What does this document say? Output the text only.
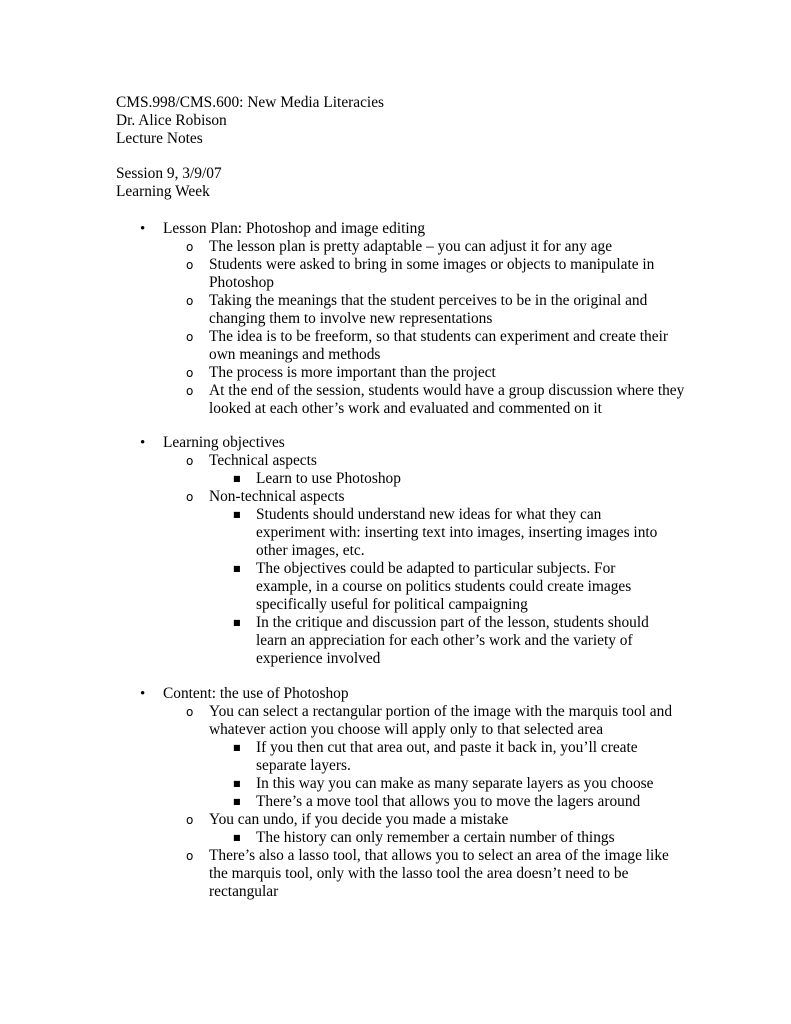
CMS.998/CMS.600: New Media Literacies
Dr. Alice Robison
Lecture Notes
Session 9, 3/9/07
Learning Week
• Lesson Plan: Photoshop and image editing
o The lesson plan is pretty adaptable – you can adjust it for any age
o Students were asked to bring in some images or objects to manipulate in Photoshop
o Taking the meanings that the student perceives to be in the original and changing them to involve new representations
o The idea is to be freeform, so that students can experiment and create their own meanings and methods
o The process is more important than the project
o At the end of the session, students would have a group discussion where they looked at each other’s work and evaluated and commented on it
• Learning objectives
o Technical aspects
■ Learn to use Photoshop
o Non-technical aspects
■ Students should understand new ideas for what they can experiment with: inserting text into images, inserting images into other images, etc.
■ The objectives could be adapted to particular subjects. For example, in a course on politics students could create images specifically useful for political campaigning
■ In the critique and discussion part of the lesson, students should learn an appreciation for each other’s work and the variety of experience involved
• Content: the use of Photoshop
o You can select a rectangular portion of the image with the marquis tool and whatever action you choose will apply only to that selected area
■ If you then cut that area out, and paste it back in, you’ll create separate layers.
■ In this way you can make as many separate layers as you choose
■ There’s a move tool that allows you to move the lagers around
o You can undo, if you decide you made a mistake
■ The history can only remember a certain number of things
o There’s also a lasso tool, that allows you to select an area of the image like the marquis tool, only with the lasso tool the area doesn’t need to be rectangular
